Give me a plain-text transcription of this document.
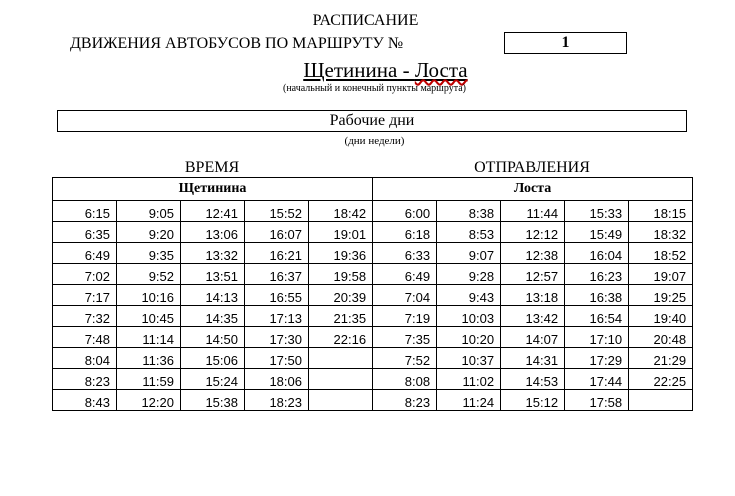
РАСПИСАНИЕ
ДВИЖЕНИЯ АВТОБУСОВ ПО МАРШРУТУ №	1
Щетинина - Лоста
(начальный и конечный пункты маршрута)
Рабочие дни
(дни недели)
ВРЕМЯ	ОТПРАВЛЕНИЯ
Щетинина					Лоста				
6:15	9:05	12:41	15:52	18:42	6:00	8:38	11:44	15:33	18:15
6:35	9:20	13:06	16:07	19:01	6:18	8:53	12:12	15:49	18:32
6:49	9:35	13:32	16:21	19:36	6:33	9:07	12:38	16:04	18:52
7:02	9:52	13:51	16:37	19:58	6:49	9:28	12:57	16:23	19:07
7:17	10:16	14:13	16:55	20:39	7:04	9:43	13:18	16:38	19:25
7:32	10:45	14:35	17:13	21:35	7:19	10:03	13:42	16:54	19:40
7:48	11:14	14:50	17:30	22:16	7:35	10:20	14:07	17:10	20:48
8:04	11:36	15:06	17:50		7:52	10:37	14:31	17:29	21:29
8:23	11:59	15:24	18:06		8:08	11:02	14:53	17:44	22:25
8:43	12:20	15:38	18:23		8:23	11:24	15:12	17:58	
